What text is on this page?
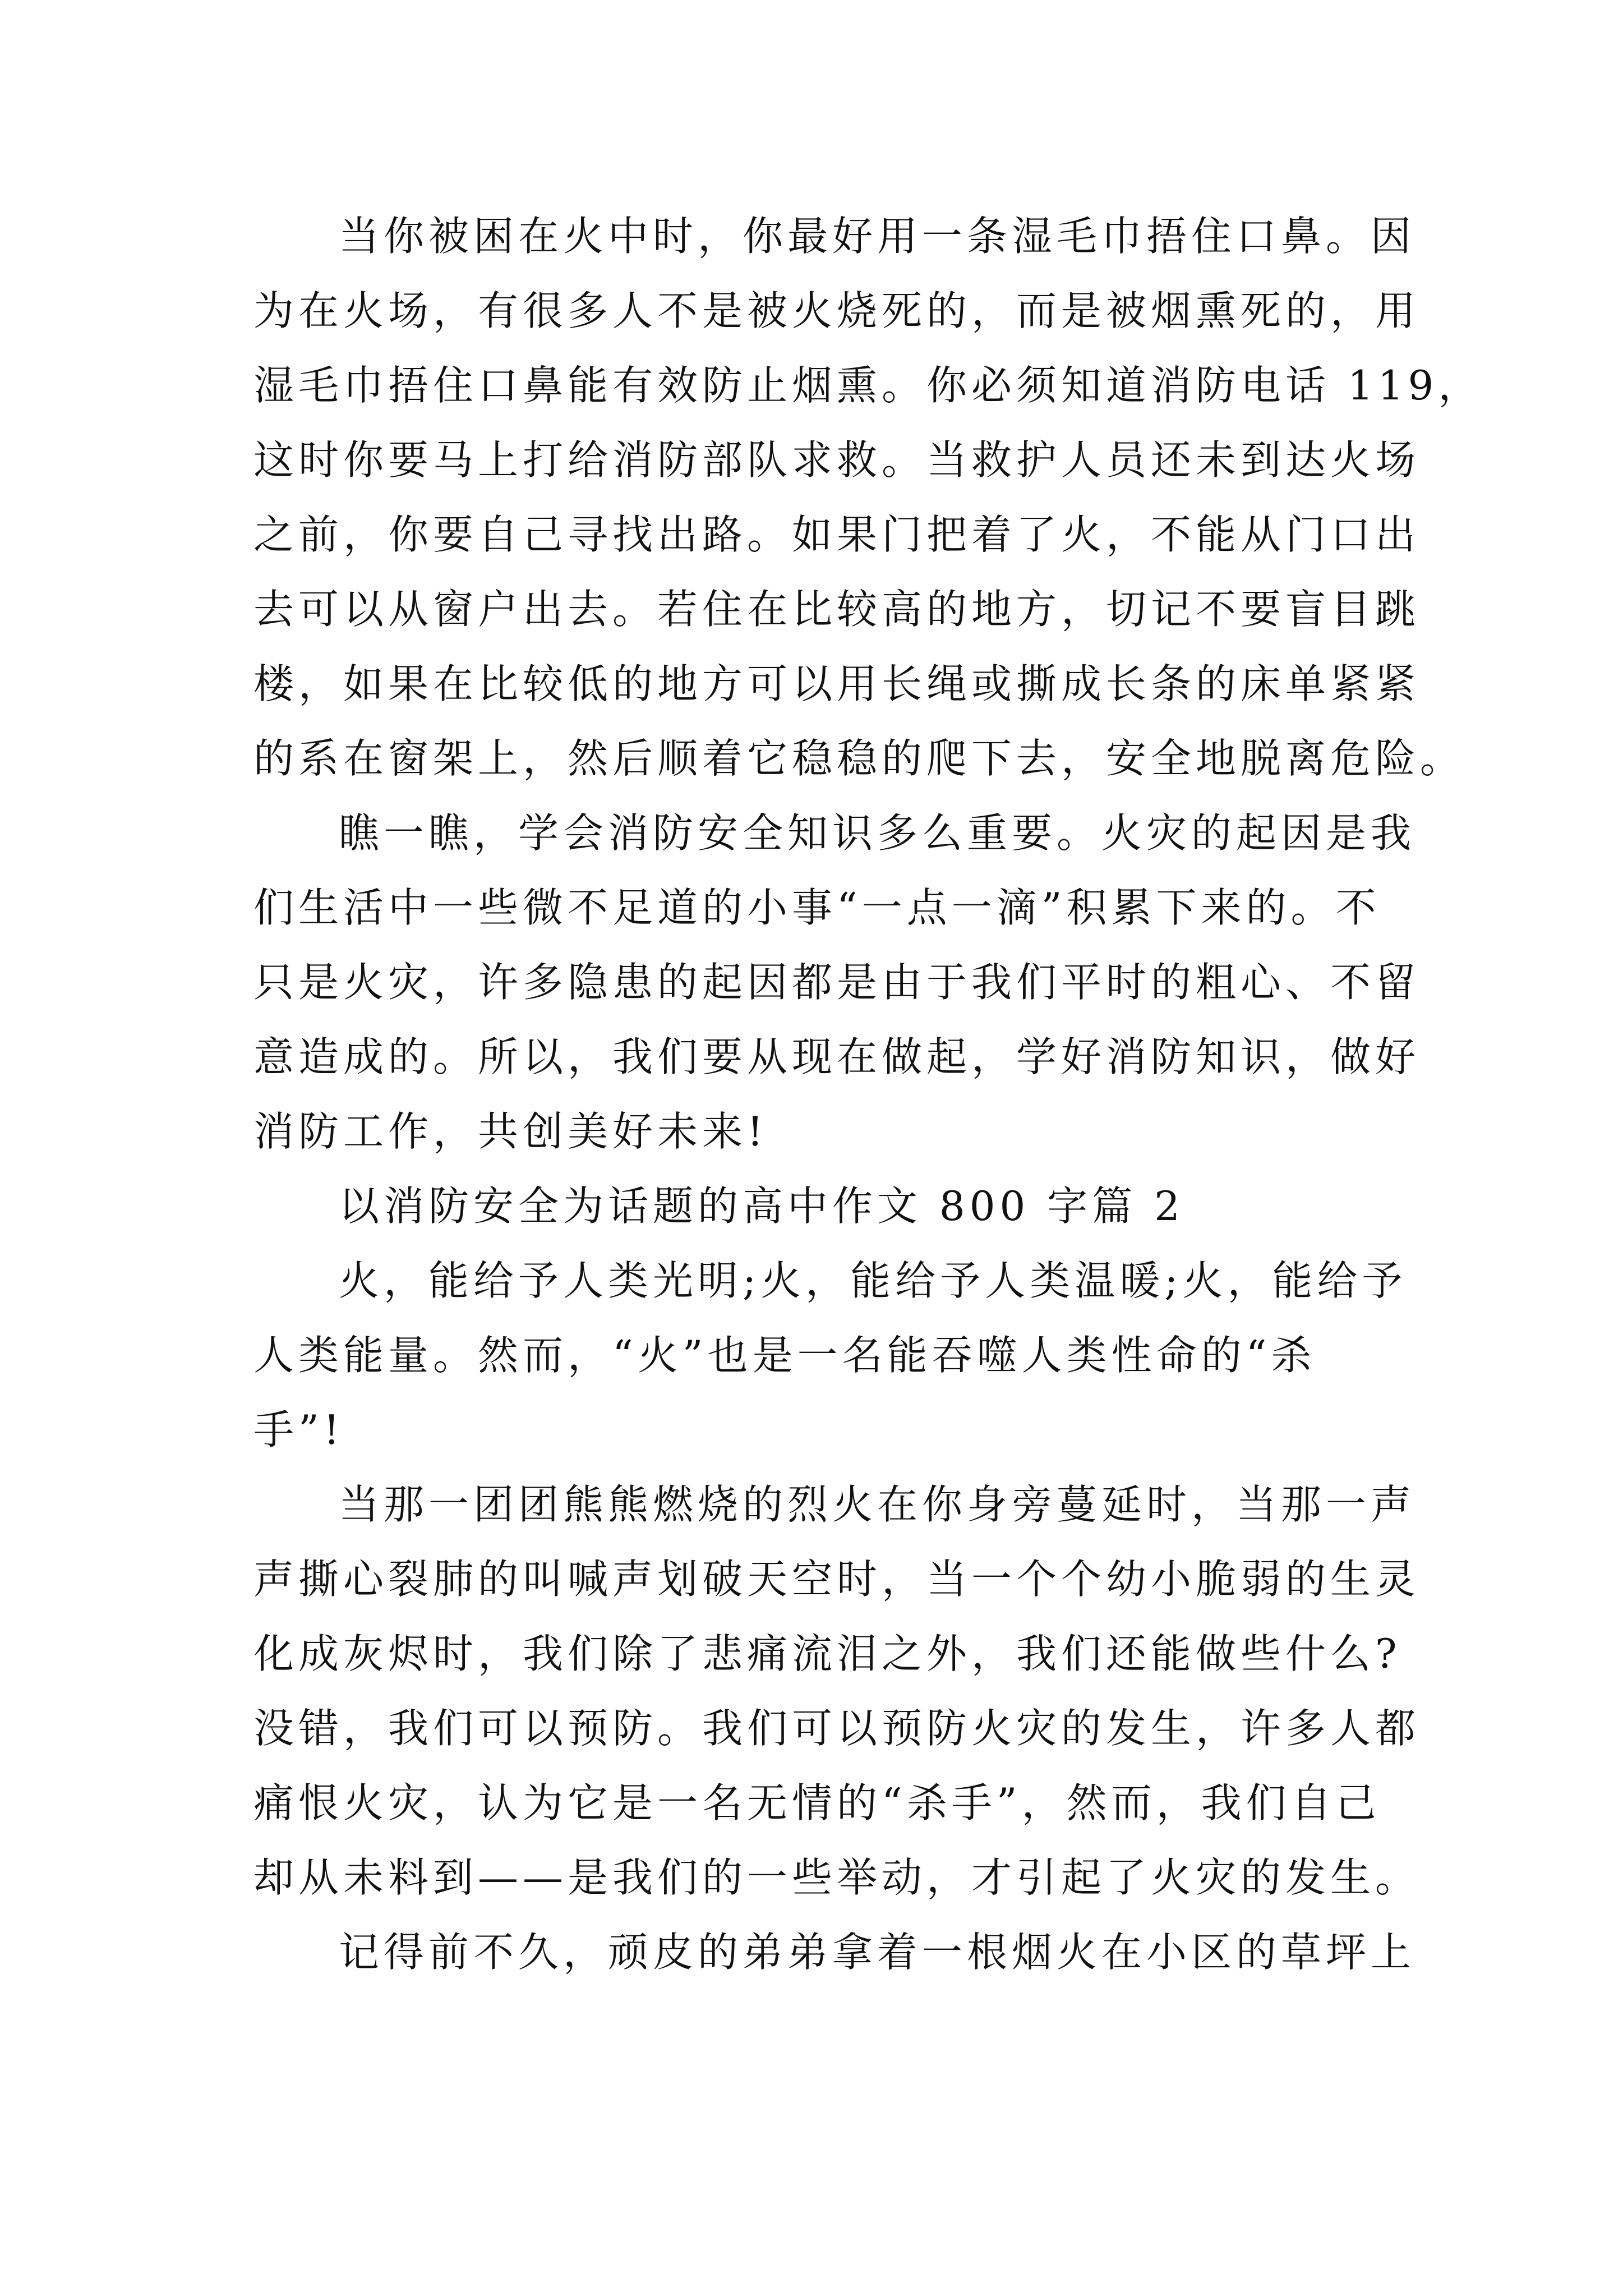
当你被困在火中时，你最好用一条湿毛巾捂住口鼻。因
为在火场，有很多人不是被火烧死的，而是被烟熏死的，用
湿毛巾捂住口鼻能有效防止烟熏。你必须知道消防电话 119，
这时你要马上打给消防部队求救。当救护人员还未到达火场
之前，你要自己寻找出路。如果门把着了火，不能从门口出
去可以从窗户出去。若住在比较高的地方，切记不要盲目跳
楼，如果在比较低的地方可以用长绳或撕成长条的床单紧紧
的系在窗架上，然后顺着它稳稳的爬下去，安全地脱离危险。

瞧一瞧，学会消防安全知识多么重要。火灾的起因是我
们生活中一些微不足道的小事“一点一滴”积累下来的。不
只是火灾，许多隐患的起因都是由于我们平时的粗心、不留
意造成的。所以，我们要从现在做起，学好消防知识，做好
消防工作，共创美好未来!

以消防安全为话题的高中作文 800 字篇 2

火，能给予人类光明;火，能给予人类温暖;火，能给予
人类能量。然而，“火”也是一名能吞噬人类性命的“杀
手”!

当那一团团熊熊燃烧的烈火在你身旁蔓延时，当那一声
声撕心裂肺的叫喊声划破天空时，当一个个幼小脆弱的生灵
化成灰烬时，我们除了悲痛流泪之外，我们还能做些什么?
没错，我们可以预防。我们可以预防火灾的发生，许多人都
痛恨火灾，认为它是一名无情的“杀手”，然而，我们自己
却从未料到——是我们的一些举动，才引起了火灾的发生。

记得前不久，顽皮的弟弟拿着一根烟火在小区的草坪上
